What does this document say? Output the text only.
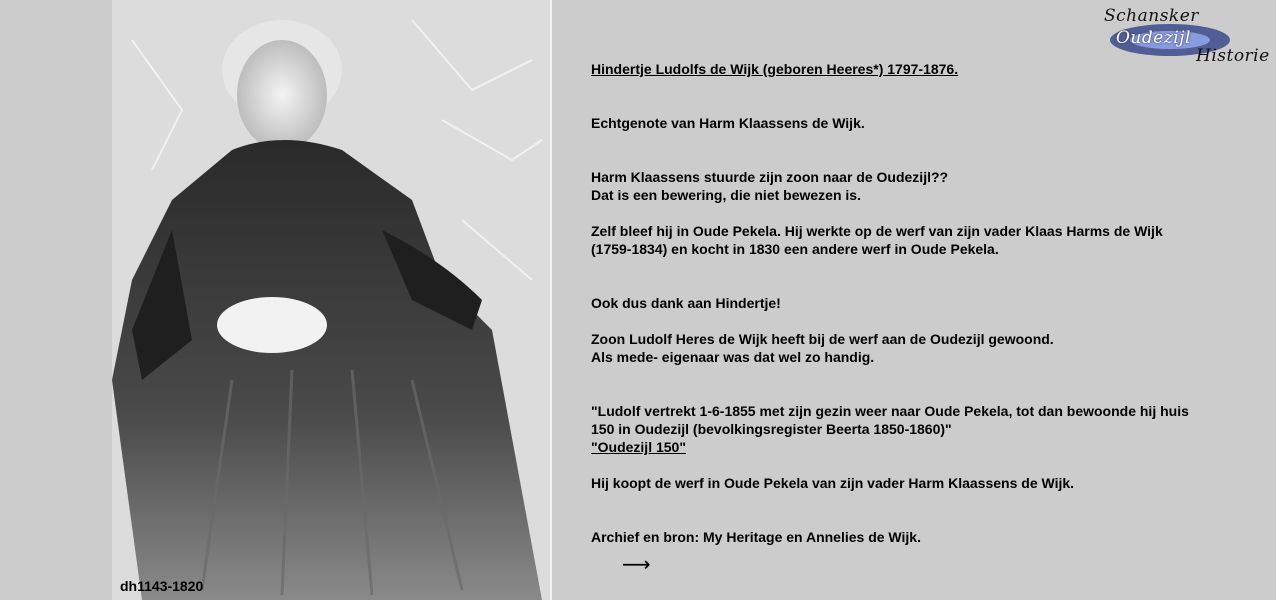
dh1143-1820
Schansker
Oudezijl
Historie

Hindertje Ludolfs de Wijk (geboren Heeres*) 1797-1876.

Echtgenote van Harm Klaassens de Wijk.

Harm Klaassens stuurde zijn zoon naar de Oudezijl??

Dat is een bewering, die niet bewezen is.

Zelf bleef hij in Oude Pekela. Hij werkte op de werf van zijn vader Klaas Harms de Wijk

(1759-1834) en kocht in 1830 een andere werf in Oude Pekela.

Ook dus dank aan Hindertje!

Zoon Ludolf Heres de Wijk heeft bij de werf aan de Oudezijl gewoond.

Als mede- eigenaar was dat wel zo handig.

"Ludolf vertrekt 1-6-1855 met zijn gezin weer naar Oude Pekela, tot dan bewoonde hij huis

150 in Oudezijl (bevolkingsregister Beerta 1850-1860)"

"Oudezijl 150"

Hij koopt de werf in Oude Pekela van zijn vader Harm Klaassens de Wijk.

Archief en bron: My Heritage en Annelies de Wijk.

⟶
